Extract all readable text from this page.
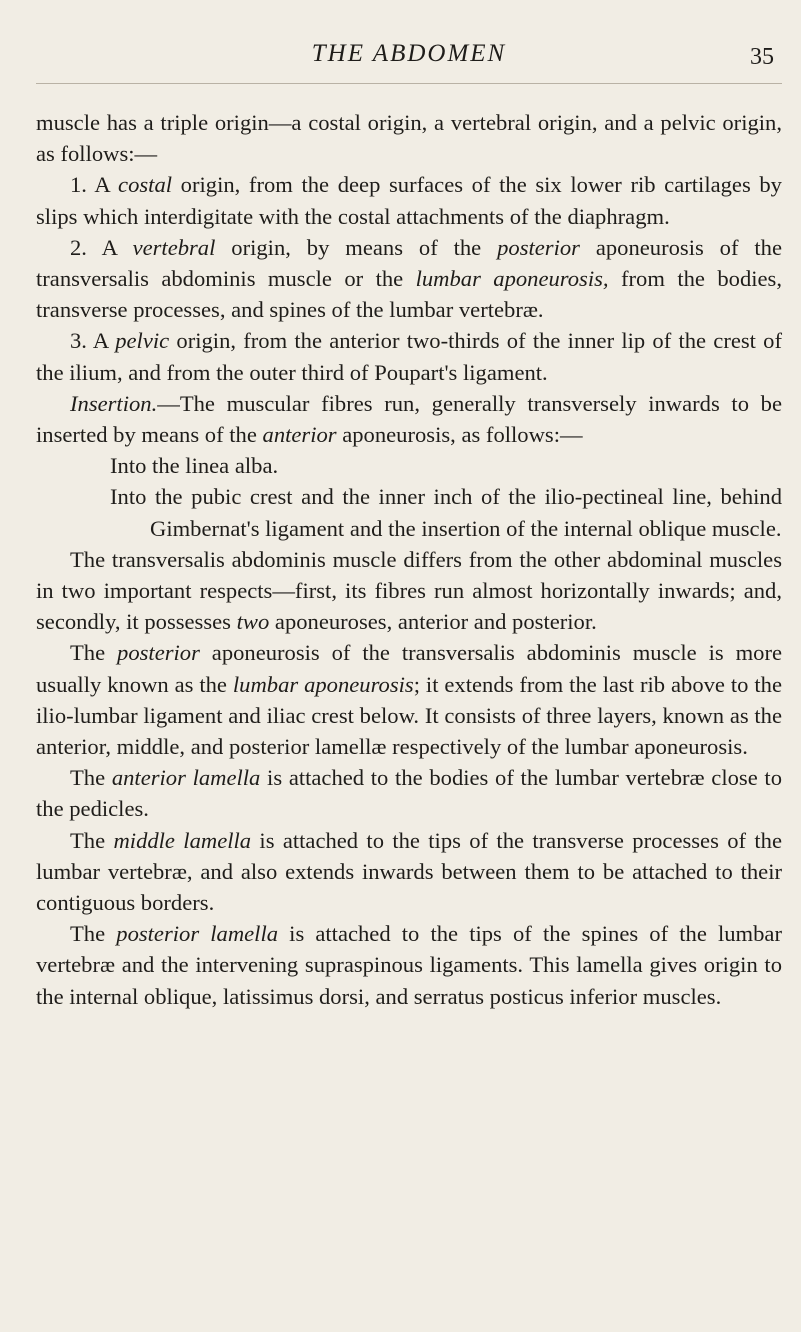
THE ABDOMEN	35

muscle has a triple origin—a costal origin, a vertebral origin, and a pelvic origin, as follows:—

1. A costal origin, from the deep surfaces of the six lower rib cartilages by slips which interdigitate with the costal attachments of the diaphragm.

2. A vertebral origin, by means of the posterior aponeurosis of the transversalis abdominis muscle or the lumbar aponeurosis, from the bodies, transverse processes, and spines of the lumbar vertebræ.

3. A pelvic origin, from the anterior two-thirds of the inner lip of the crest of the ilium, and from the outer third of Poupart's ligament.

Insertion.—The muscular fibres run, generally transversely inwards to be inserted by means of the anterior aponeurosis, as follows:—

Into the linea alba.

Into the pubic crest and the inner inch of the ilio-pectineal line, behind Gimbernat's ligament and the insertion of the internal oblique muscle.

The transversalis abdominis muscle differs from the other abdominal muscles in two important respects—first, its fibres run almost horizontally inwards; and, secondly, it possesses two aponeuroses, anterior and posterior.

The posterior aponeurosis of the transversalis abdominis muscle is more usually known as the lumbar aponeurosis; it extends from the last rib above to the ilio-lumbar ligament and iliac crest below. It consists of three layers, known as the anterior, middle, and posterior lamellæ respectively of the lumbar aponeurosis.

The anterior lamella is attached to the bodies of the lumbar vertebræ close to the pedicles.

The middle lamella is attached to the tips of the transverse processes of the lumbar vertebræ, and also extends inwards between them to be attached to their contiguous borders.

The posterior lamella is attached to the tips of the spines of the lumbar vertebræ and the intervening supraspinous ligaments. This lamella gives origin to the internal oblique, latissimus dorsi, and serratus posticus inferior muscles.
